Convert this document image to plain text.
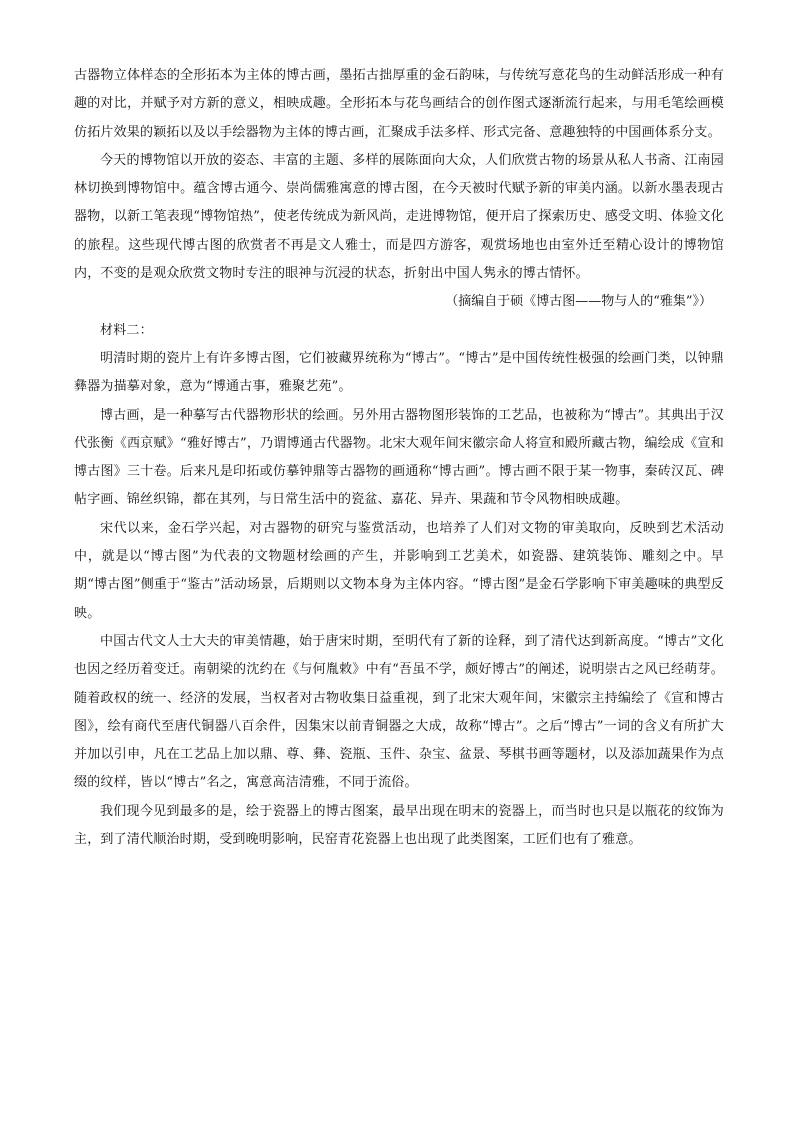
古器物立体样态的全形拓本为主体的博古画，墨拓古拙厚重的金石韵味，与传统写意花鸟的生动鲜活形成一种有趣的对比，并赋予对方新的意义，相映成趣。全形拓本与花鸟画结合的创作图式逐渐流行起来，与用毛笔绘画模仿拓片效果的颖拓以及以手绘器物为主体的博古画，汇聚成手法多样、形式完备、意趣独特的中国画体系分支。

今天的博物馆以开放的姿态、丰富的主题、多样的展陈面向大众，人们欣赏古物的场景从私人书斋、江南园林切换到博物馆中。蕴含博古通今、崇尚儒雅寓意的博古图，在今天被时代赋予新的审美内涵。以新水墨表现古器物，以新工笔表现“博物馆热”，使老传统成为新风尚，走进博物馆，便开启了探索历史、感受文明、体验文化的旅程。这些现代博古图的欣赏者不再是文人雅士，而是四方游客，观赏场地也由室外迁至精心设计的博物馆内，不变的是观众欣赏文物时专注的眼神与沉浸的状态，折射出中国人隽永的博古情怀。

（摘编自于硕《博古图——物与人的“雅集”》）

材料二：

明清时期的瓷片上有许多博古图，它们被藏界统称为“博古”。“博古”是中国传统性极强的绘画门类，以钟鼎彝器为描摹对象，意为“博通古事，雅聚艺苑”。

博古画，是一种摹写古代器物形状的绘画。另外用古器物图形装饰的工艺品，也被称为“博古”。其典出于汉代张衡《西京赋》“雅好博古”，乃谓博通古代器物。北宋大观年间宋徽宗命人将宣和殿所藏古物，编绘成《宣和博古图》三十卷。后来凡是印拓或仿摹钟鼎等古器物的画通称“博古画”。博古画不限于某一物事，秦砖汉瓦、碑帖字画、锦丝织锦，都在其列，与日常生活中的瓷盆、嘉花、异卉、果蔬和节令风物相映成趣。

宋代以来，金石学兴起，对古器物的研究与鉴赏活动，也培养了人们对文物的审美取向，反映到艺术活动中，就是以“博古图”为代表的文物题材绘画的产生，并影响到工艺美术，如瓷器、建筑装饰、雕刻之中。早期“博古图”侧重于“鉴古”活动场景，后期则以文物本身为主体内容。“博古图”是金石学影响下审美趣味的典型反映。

中国古代文人士大夫的审美情趣，始于唐宋时期，至明代有了新的诠释，到了清代达到新高度。“博古”文化也因之经历着变迁。南朝梁的沈约在《与何胤敕》中有“吾虽不学，颇好博古”的阐述，说明崇古之风已经萌芽。随着政权的统一、经济的发展，当权者对古物收集日益重视，到了北宋大观年间，宋徽宗主持编绘了《宣和博古图》，绘有商代至唐代铜器八百余件，因集宋以前青铜器之大成，故称“博古”。之后“博古”一词的含义有所扩大并加以引申，凡在工艺品上加以鼎、尊、彝、瓷瓶、玉件、杂宝、盆景、琴棋书画等题材，以及添加蔬果作为点缀的纹样，皆以“博古”名之，寓意高洁清雅，不同于流俗。

我们现今见到最多的是，绘于瓷器上的博古图案，最早出现在明末的瓷器上，而当时也只是以瓶花的纹饰为主，到了清代顺治时期，受到晚明影响，民窑青花瓷器上也出现了此类图案，工匠们也有了雅意。
